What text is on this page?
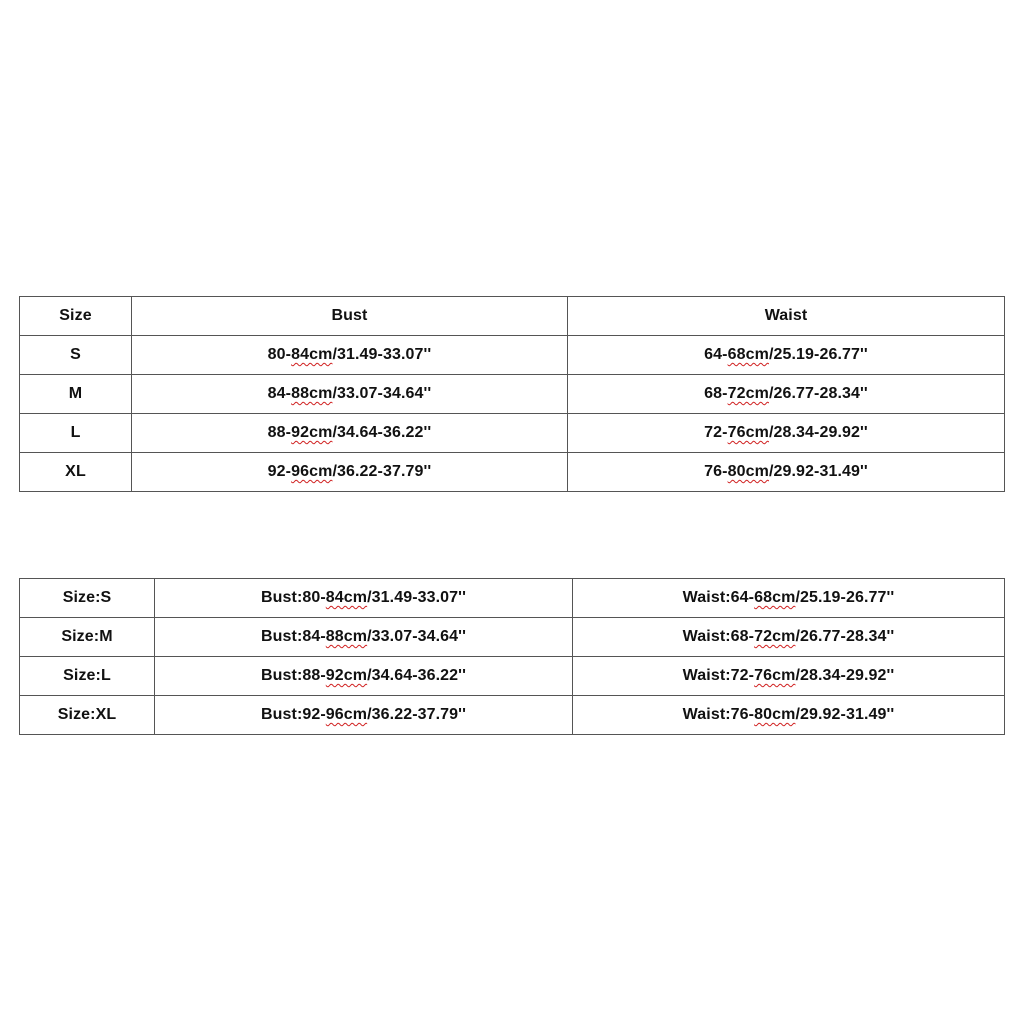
Size	Bust	Waist
S	80-84cm/31.49-33.07''	64-68cm/25.19-26.77''
M	84-88cm/33.07-34.64''	68-72cm/26.77-28.34''
L	88-92cm/34.64-36.22''	72-76cm/28.34-29.92''
XL	92-96cm/36.22-37.79''	76-80cm/29.92-31.49''
Size:S	Bust:80-84cm/31.49-33.07''	Waist:64-68cm/25.19-26.77''
Size:M	Bust:84-88cm/33.07-34.64''	Waist:68-72cm/26.77-28.34''
Size:L	Bust:88-92cm/34.64-36.22''	Waist:72-76cm/28.34-29.92''
Size:XL	Bust:92-96cm/36.22-37.79''	Waist:76-80cm/29.92-31.49''
